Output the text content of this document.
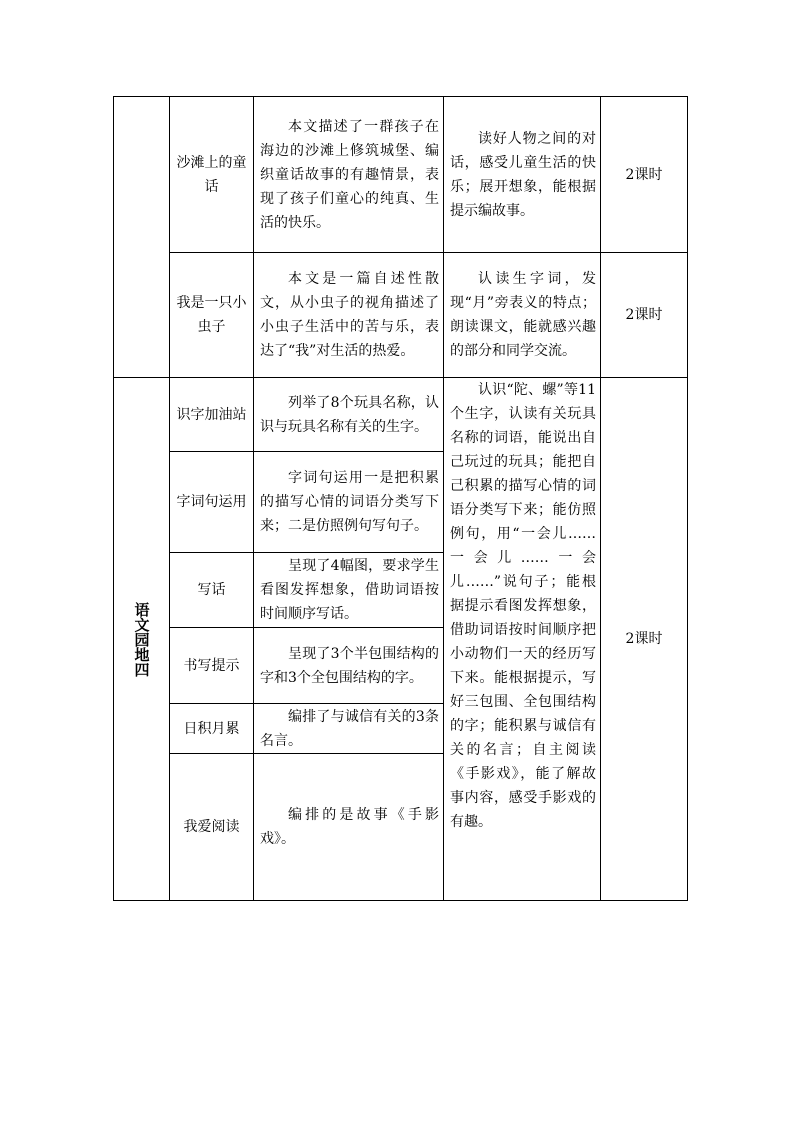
	沙滩上的童话	本文描述了一群孩子在海边的沙滩上修筑城堡、编织童话故事的有趣情景，表现了孩子们童心的纯真、生活的快乐。	读好人物之间的对话，感受儿童生活的快乐；展开想象，能根据提示编故事。	2课时
	我是一只小虫子	本文是一篇自述性散文，从小虫子的视角描述了小虫子生活中的苦与乐，表达了“我”对生活的热爱。	认读生字词，发现“月”旁表义的特点；朗读课文，能就感兴趣的部分和同学交流。	2课时

语文园地四	识字加油站	列举了8个玩具名称，认识与玩具名称有关的生字。	认识“陀、螺”等11个生字，认读有关玩具名称的词语，能说出自己玩过的玩具；能把自己积累的描写心情的词语分类写下来；能仿照例句，用“一会儿……一会儿……一会儿……”说句子；能根据提示看图发挥想象，借助词语按时间顺序把小动物们一天的经历写下来。能根据提示，写好三包围、全包围结构的字；能积累与诚信有关的名言；自主阅读《手影戏》，能了解故事内容，感受手影戏的有趣。	2课时
	字词句运用	字词句运用一是把积累的描写心情的词语分类写下来；二是仿照例句写句子。		

	写话	呈现了4幅图，要求学生看图发挥想象，借助词语按时间顺序写话。		

	书写提示	呈现了3个半包围结构的字和3个全包围结构的字。		

	日积月累	编排了与诚信有关的3条名言。		

	我爱阅读	编排的是故事《手影戏》。		
